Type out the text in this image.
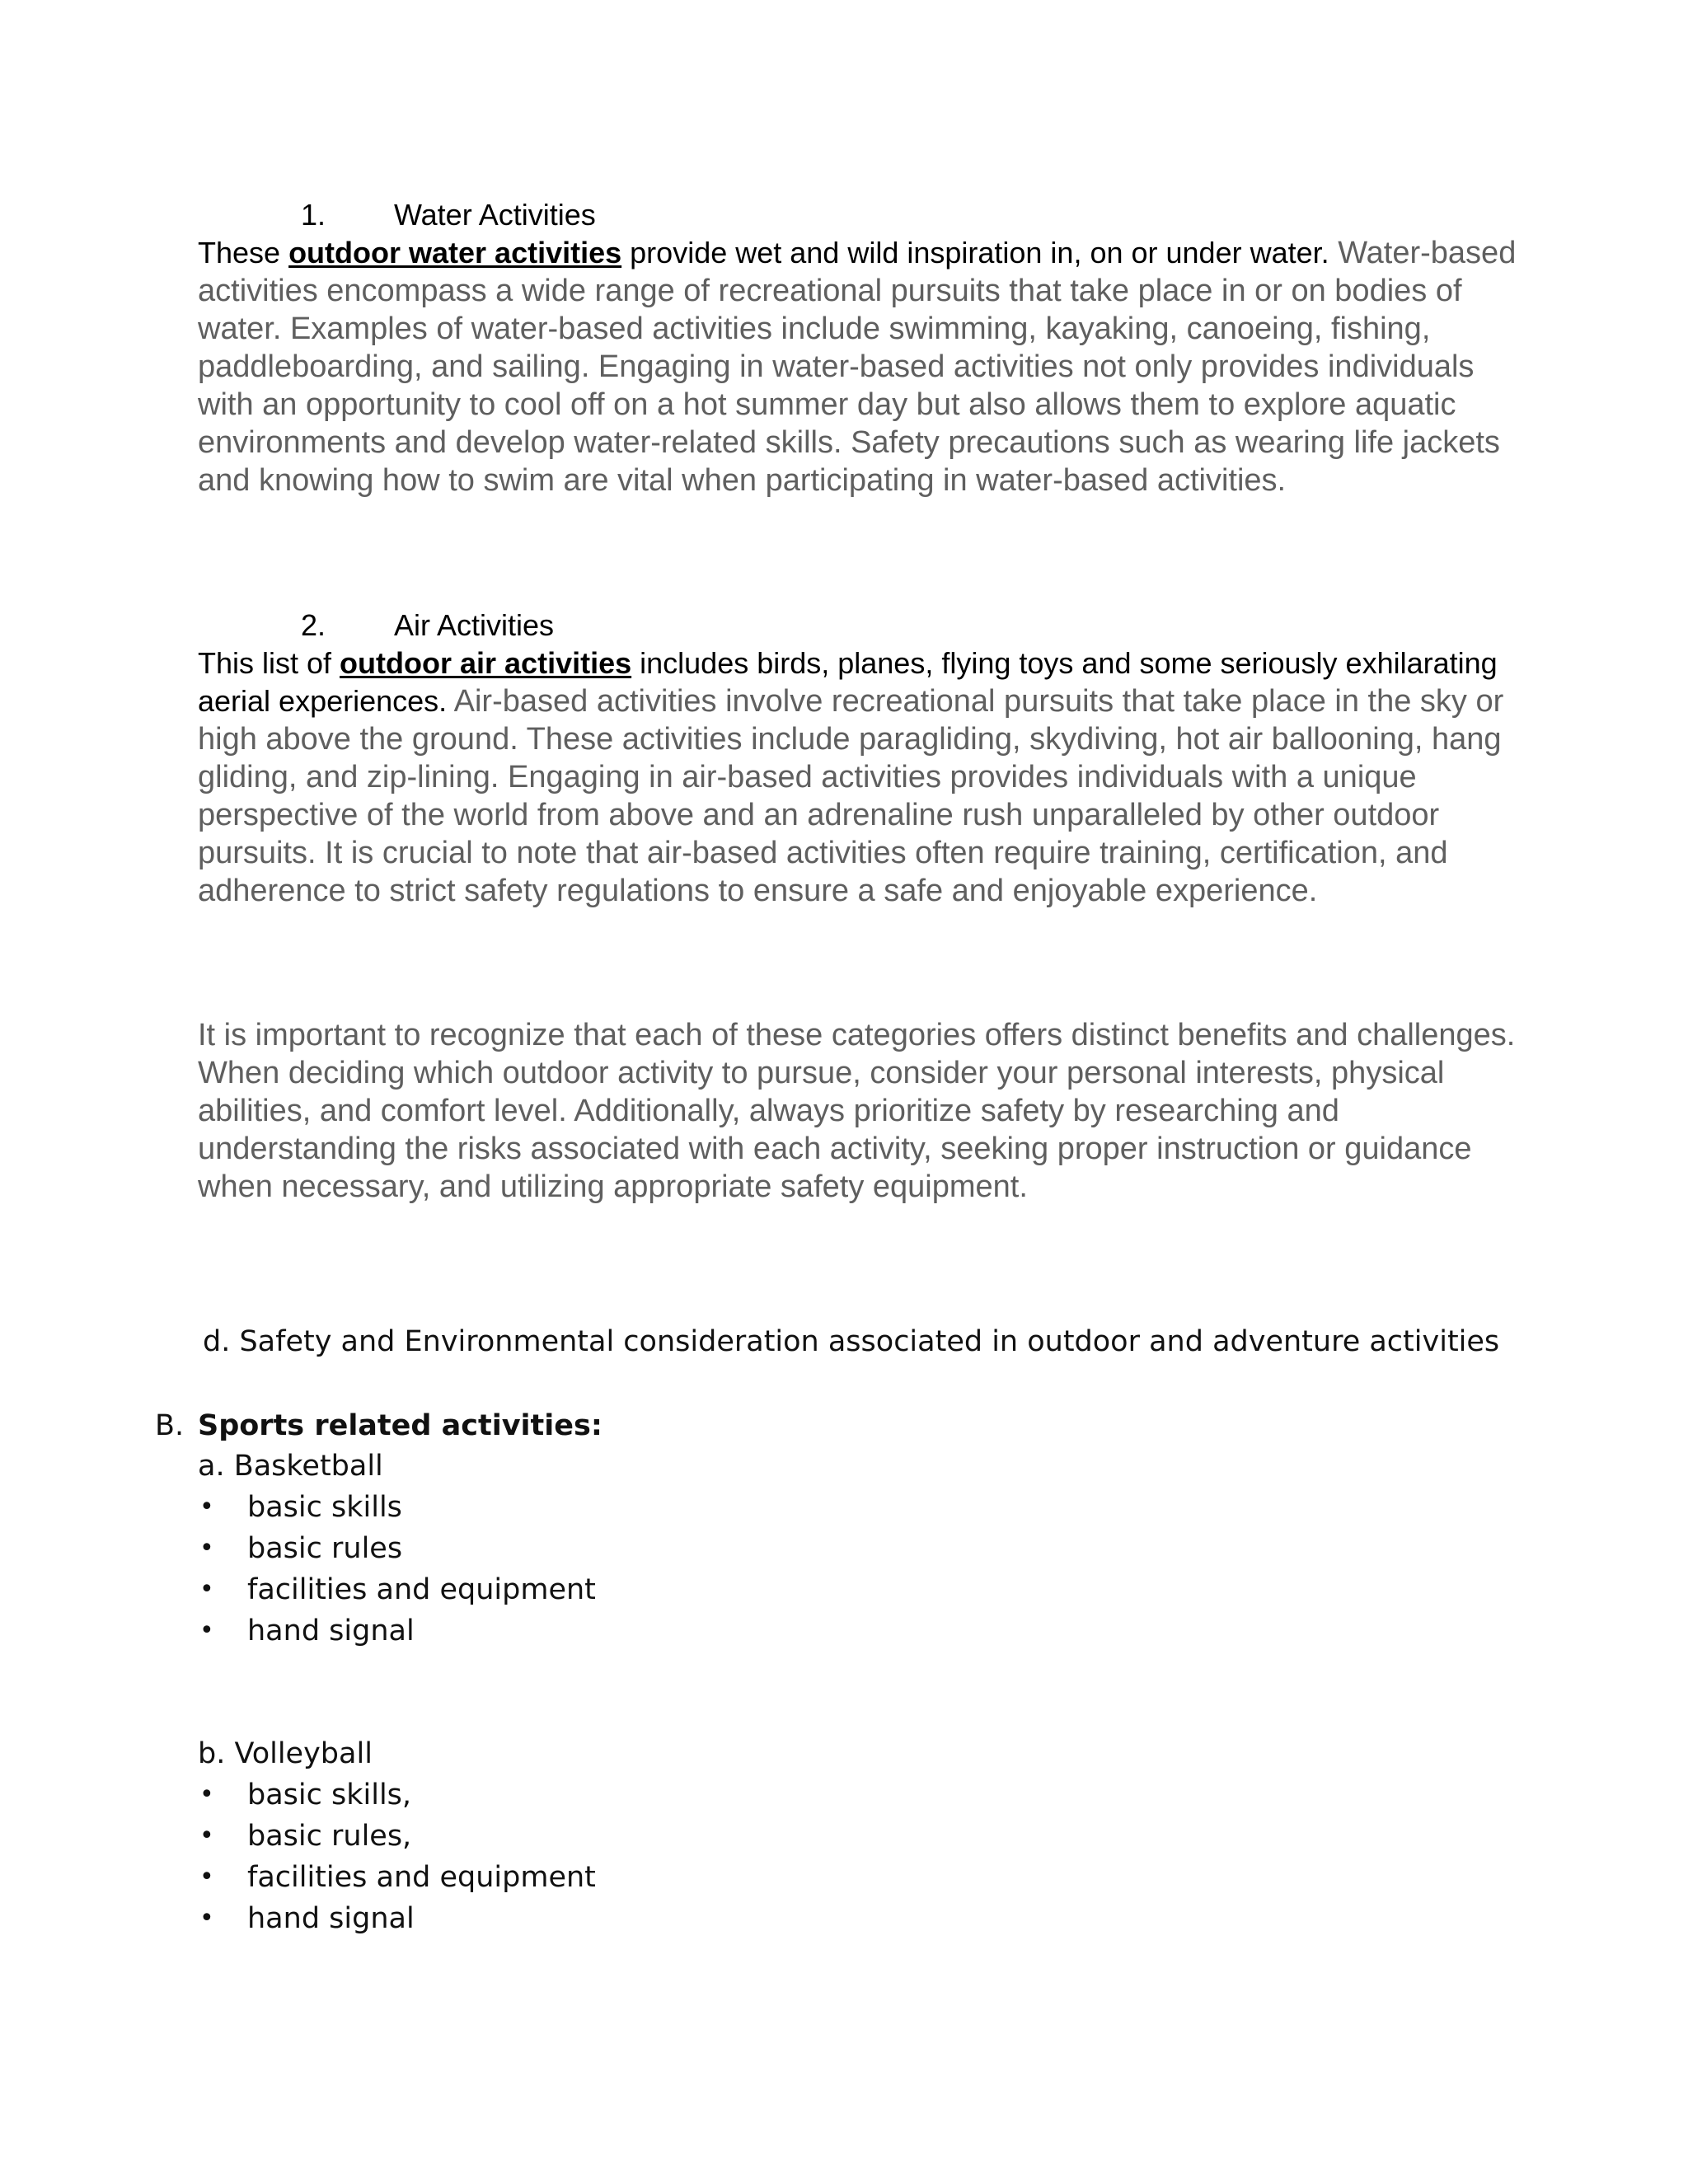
1. Water Activities

These outdoor water activities provide wet and wild inspiration in, on or under water. Water-based activities encompass a wide range of recreational pursuits that take place in or on bodies of water. Examples of water-based activities include swimming, kayaking, canoeing, fishing, paddleboarding, and sailing. Engaging in water-based activities not only provides individuals with an opportunity to cool off on a hot summer day but also allows them to explore aquatic environments and develop water-related skills. Safety precautions such as wearing life jackets and knowing how to swim are vital when participating in water-based activities.

2. Air Activities

This list of outdoor air activities includes birds, planes, flying toys and some seriously exhilarating aerial experiences. Air-based activities involve recreational pursuits that take place in the sky or high above the ground. These activities include paragliding, skydiving, hot air ballooning, hang gliding, and zip-lining. Engaging in air-based activities provides individuals with a unique perspective of the world from above and an adrenaline rush unparalleled by other outdoor pursuits. It is crucial to note that air-based activities often require training, certification, and adherence to strict safety regulations to ensure a safe and enjoyable experience.

It is important to recognize that each of these categories offers distinct benefits and challenges. When deciding which outdoor activity to pursue, consider your personal interests, physical abilities, and comfort level. Additionally, always prioritize safety by researching and understanding the risks associated with each activity, seeking proper instruction or guidance when necessary, and utilizing appropriate safety equipment.

d. Safety and Environmental consideration associated in outdoor and adventure activities
B. Sports related activities:
a. Basketball
• basic skills
• basic rules
• facilities and equipment
• hand signal
b. Volleyball
• basic skills,
• basic rules,
• facilities and equipment
• hand signal
